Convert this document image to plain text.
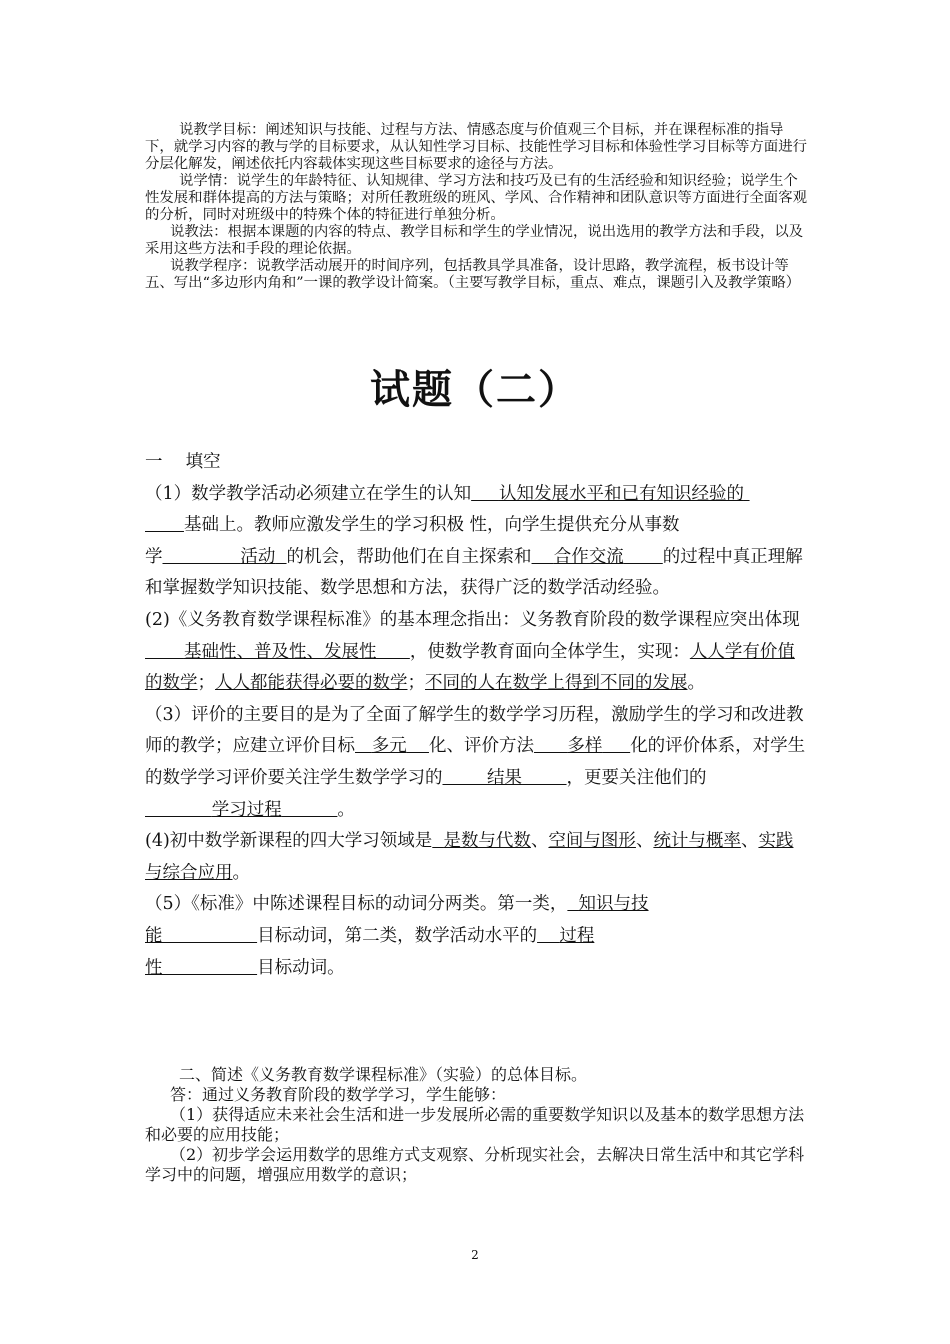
说教学目标：阐述知识与技能、过程与方法、情感态度与价值观三个目标，并在课程标准的指导下，就学习内容的教与学的目标要求，从认知性学习目标、技能性学习目标和体验性学习目标等方面进行分层化解发，阐述依托内容载体实现这些目标要求的途径与方法。

说学情：说学生的年龄特征、认知规律、学习方法和技巧及已有的生活经验和知识经验；说学生个性发展和群体提高的方法与策略；对所任教班级的班风、学风、合作精神和团队意识等方面进行全面客观的分析，同时对班级中的特殊个体的特征进行单独分析。

说教法：根据本课题的内容的特点、教学目标和学生的学业情况，说出选用的教学方法和手段，以及采用这些方法和手段的理论依据。

说教学程序：说教学活动展开的时间序列，包括教具学具准备，设计思路，教学流程，板书设计等

五、写出“多边形内角和”一课的教学设计简案。（主要写教学目标，重点、难点，课题引入及教学策略）

试题（二）

一　 填空

（1）数学教学活动必须建立在学生的认知 认知发展水平和已有知识经验的
基础上。教师应激发学生的学习积极 性，向学生提供充分从事数
学	活动 的机会，帮助他们在自主探索和 合作交流 的过程中真正理解和掌握数学知识技能、数学思想和方法，获得广泛的数学活动经验。

(2)《义务教育数学课程标准》的基本理念指出：义务教育阶段的数学课程应突出体现       基础性、普及性、发展性 ，使数学教育面向全体学生，实现：人人学有价值的数学；人人都能获得必要的数学；不同的人在数学上得到不同的发展。

（3）评价的主要目的是为了全面了解学生的数学学习历程，激励学生的学习和改进教师的教学；应建立评价目标 多元 化、评价方法 多样 化的评价体系，对学生的数学学习评价要关注学生数学学习的	结果	，更要关注他们的            学习过程	。

(4)初中数学新课程的四大学习领域是 是数与代数、空间与图形、统计与概率、实践与综合应用。

（5）《标准》中陈述课程目标的动词分两类。第一类， 知识与技
能	目标动词，第二类，数学活动水平的 过程
性	目标动词。

二、简述《义务教育数学课程标准》（实验）的总体目标。

答：通过义务教育阶段的数学学习，学生能够：

（1）获得适应未来社会生活和进一步发展所必需的重要数学知识以及基本的数学思想方法和必要的应用技能；

（2）初步学会运用数学的思维方式支观察、分析现实社会，去解决日常生活中和其它学科学习中的问题，增强应用数学的意识；

2
